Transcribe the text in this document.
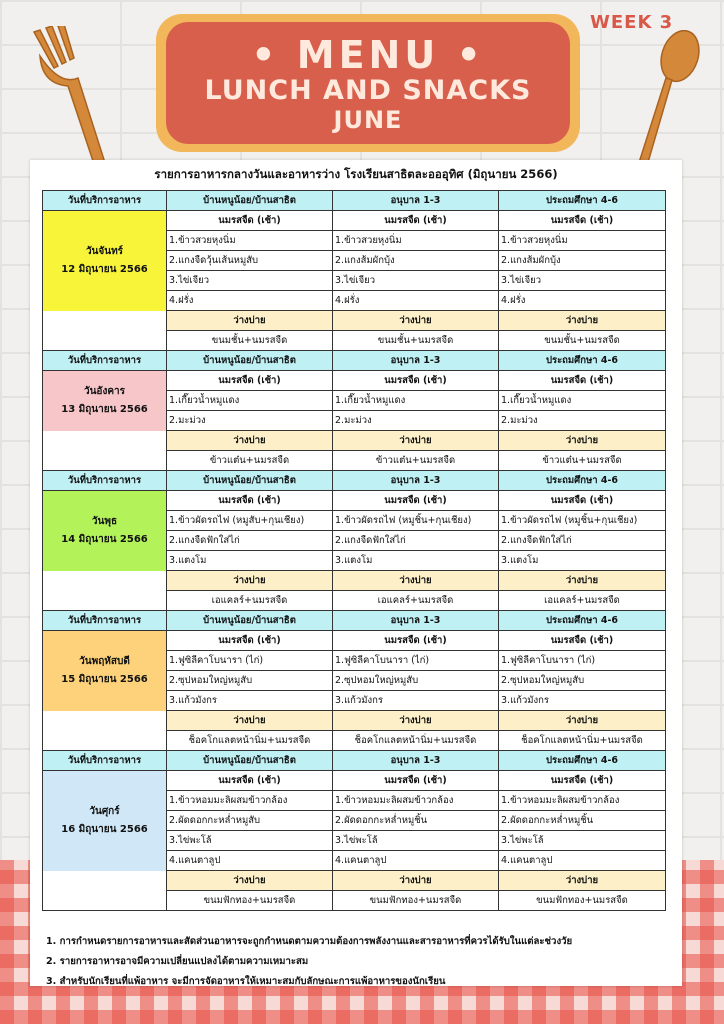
• MENU •
LUNCH AND SNACKS
JUNE
WEEK 3
รายการอาหารกลางวันและอาหารว่าง โรงเรียนสาธิตละอออุทิศ (มิถุนายน 2566)
วันที่บริการอาหาร	บ้านหนูน้อย/บ้านสาธิต	อนุบาล 1-3	ประถมศึกษา 4-6

วันจันทร์
12 มิถุนายน 2566	นมรสจืด (เช้า)	นมรสจืด (เช้า)	นมรสจืด (เช้า)
	1.ข้าวสวยหุงนิ่ม	1.ข้าวสวยหุงนิ่ม	1.ข้าวสวยหุงนิ่ม
	2.แกงจืดวุ้นเส้นหมูสับ	2.แกงส้มผักบุ้ง	2.แกงส้มผักบุ้ง
	3.ไข่เจียว	3.ไข่เจียว	3.ไข่เจียว
	4.ฝรั่ง	4.ฝรั่ง	4.ฝรั่ง
	ว่างบ่าย	ว่างบ่าย	ว่างบ่าย
	ขนมชั้น+นมรสจืด	ขนมชั้น+นมรสจืด	ขนมชั้น+นมรสจืด
วันที่บริการอาหาร	บ้านหนูน้อย/บ้านสาธิต	อนุบาล 1-3	ประถมศึกษา 4-6

วันอังคาร
13 มิถุนายน 2566	นมรสจืด (เช้า)	นมรสจืด (เช้า)	นมรสจืด (เช้า)
	1.เกี๊ยวน้ำหมูแดง	1.เกี๊ยวน้ำหมูแดง	1.เกี๊ยวน้ำหมูแดง
	2.มะม่วง	2.มะม่วง	2.มะม่วง
	ว่างบ่าย	ว่างบ่าย	ว่างบ่าย
	ข้าวแต๋น+นมรสจืด	ข้าวแต๋น+นมรสจืด	ข้าวแต๋น+นมรสจืด
วันที่บริการอาหาร	บ้านหนูน้อย/บ้านสาธิต	อนุบาล 1-3	ประถมศึกษา 4-6

วันพุธ
14 มิถุนายน 2566	นมรสจืด (เช้า)	นมรสจืด (เช้า)	นมรสจืด (เช้า)
	1.ข้าวผัดรถไฟ (หมูสับ+กุนเชียง)	1.ข้าวผัดรถไฟ (หมูชิ้น+กุนเชียง)	1.ข้าวผัดรถไฟ (หมูชิ้น+กุนเชียง)
	2.แกงจืดฟักใส่ไก่	2.แกงจืดฟักใส่ไก่	2.แกงจืดฟักใส่ไก่
	3.แตงโม	3.แตงโม	3.แตงโม
	ว่างบ่าย	ว่างบ่าย	ว่างบ่าย
	เอแคลร์+นมรสจืด	เอแคลร์+นมรสจืด	เอแคลร์+นมรสจืด
วันที่บริการอาหาร	บ้านหนูน้อย/บ้านสาธิต	อนุบาล 1-3	ประถมศึกษา 4-6

วันพฤหัสบดี
15 มิถุนายน 2566	นมรสจืด (เช้า)	นมรสจืด (เช้า)	นมรสจืด (เช้า)
	1.ฟูซิลีคาโบนารา (ไก่)	1.ฟูซิลีคาโบนารา (ไก่)	1.ฟูซิลีคาโบนารา (ไก่)
	2.ซุปหอมใหญ่หมูสับ	2.ซุปหอมใหญ่หมูสับ	2.ซุปหอมใหญ่หมูสับ
	3.แก้วมังกร	3.แก้วมังกร	3.แก้วมังกร
	ว่างบ่าย	ว่างบ่าย	ว่างบ่าย
	ช็อคโกแลตหน้านิ่ม+นมรสจืด	ช็อคโกแลตหน้านิ่ม+นมรสจืด	ช็อคโกแลตหน้านิ่ม+นมรสจืด
วันที่บริการอาหาร	บ้านหนูน้อย/บ้านสาธิต	อนุบาล 1-3	ประถมศึกษา 4-6

วันศุกร์
16 มิถุนายน 2566	นมรสจืด (เช้า)	นมรสจืด (เช้า)	นมรสจืด (เช้า)
	1.ข้าวหอมมะลิผสมข้าวกล้อง	1.ข้าวหอมมะลิผสมข้าวกล้อง	1.ข้าวหอมมะลิผสมข้าวกล้อง
	2.ผัดดอกกะหล่ำหมูสับ	2.ผัดดอกกะหล่ำหมูชิ้น	2.ผัดดอกกะหล่ำหมูชิ้น
	3.ไข่พะโล้	3.ไข่พะโล้	3.ไข่พะโล้
	4.แคนตาลูป	4.แคนตาลูป	4.แคนตาลูป
	ว่างบ่าย	ว่างบ่าย	ว่างบ่าย
	ขนมฟักทอง+นมรสจืด	ขนมฟักทอง+นมรสจืด	ขนมฟักทอง+นมรสจืด
1. การกำหนดรายการอาหารและสัดส่วนอาหารจะถูกกำหนดตามความต้องการพลังงานและสารอาหารที่ควรได้รับในแต่ละช่วงวัย
2. รายการอาหารอาจมีความเปลี่ยนแปลงได้ตามความเหมาะสม
3. สำหรับนักเรียนที่แพ้อาหาร จะมีการจัดอาหารให้เหมาะสมกับลักษณะการแพ้อาหารของนักเรียน
